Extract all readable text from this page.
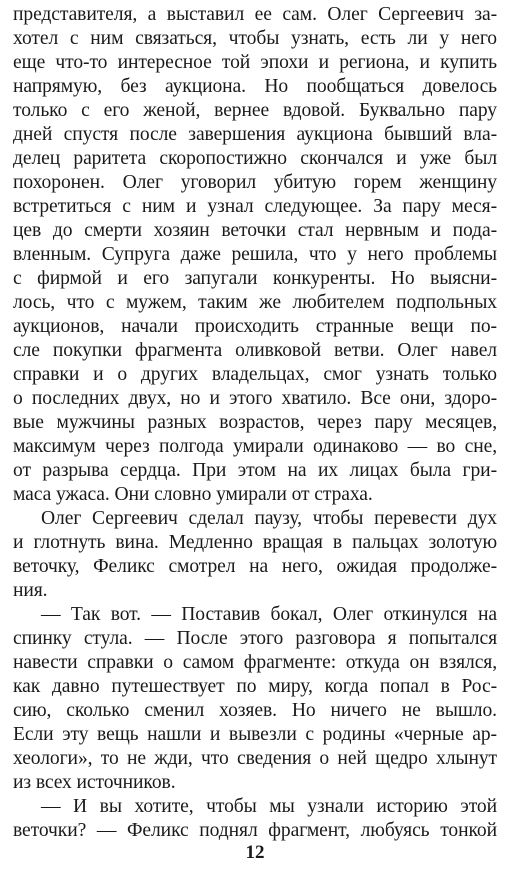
представителя, а выставил ее сам. Олег Сергеевич за-
хотел с ним связаться, чтобы узнать, есть ли у него
еще что-то интересное той эпохи и региона, и купить
напрямую, без аукциона. Но пообщаться довелось
только с его женой, вернее вдовой. Буквально пару
дней спустя после завершения аукциона бывший вла-
делец раритета скоропостижно скончался и уже был
похоронен. Олег уговорил убитую горем женщину
встретиться с ним и узнал следующее. За пару меся-
цев до смерти хозяин веточки стал нервным и пода-
вленным. Супруга даже решила, что у него проблемы
с фирмой и его запугали конкуренты. Но выясни-
лось, что с мужем, таким же любителем подпольных
аукционов, начали происходить странные вещи по-
сле покупки фрагмента оливковой ветви. Олег навел
справки и о других владельцах, смог узнать только
о последних двух, но и этого хватило. Все они, здоро-
вые мужчины разных возрастов, через пару месяцев,
максимум через полгода умирали одинаково — во сне,
от разрыва сердца. При этом на их лицах была гри-
маса ужаса. Они словно умирали от страха.
Олег Сергеевич сделал паузу, чтобы перевести дух
и глотнуть вина. Медленно вращая в пальцах золотую
веточку, Феликс смотрел на него, ожидая продолже-
ния.
— Так вот. — Поставив бокал, Олег откинулся на
спинку стула. — После этого разговора я попытался
навести справки о самом фрагменте: откуда он взялся,
как давно путешествует по миру, когда попал в Рос-
сию, сколько сменил хозяев. Но ничего не вышло.
Если эту вещь нашли и вывезли с родины «черные ар-
хеологи», то не жди, что сведения о ней щедро хлынут
из всех источников.
— И вы хотите, чтобы мы узнали историю этой
веточки? — Феликс поднял фрагмент, любуясь тонкой
12
